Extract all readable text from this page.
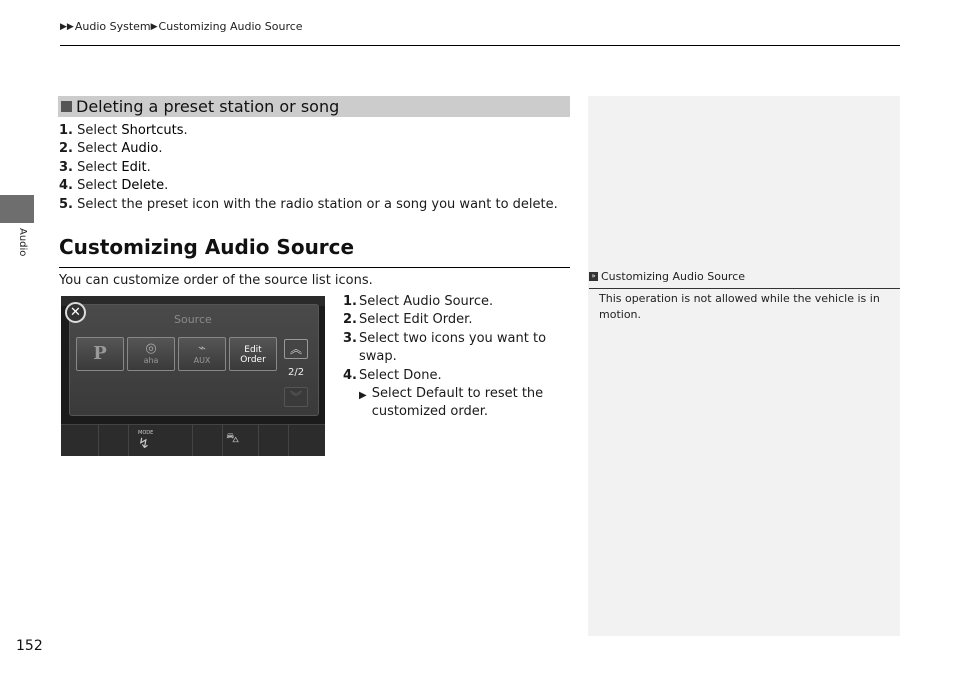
▶▶ Audio System ▶ Customizing Audio Source
Audio
Deleting a preset station or song
1. Select Shortcuts.
2. Select Audio.
3. Select Edit.
4. Select Delete.
5. Select the preset icon with the radio station or a song you want to delete.
Customizing Audio Source
You can customize order of the source list icons.
Source
✕
P	◎
aha
⌁
AUX
Edit
Order
︽
2/2
︾
MODE
↯	⛍
1. Select Audio Source.
2. Select Edit Order.
3. Select two icons you want to swap.
4. Select Done.
▶ Select Default to reset the customized order.
» Customizing Audio Source
This operation is not allowed while the vehicle is in motion.
152
